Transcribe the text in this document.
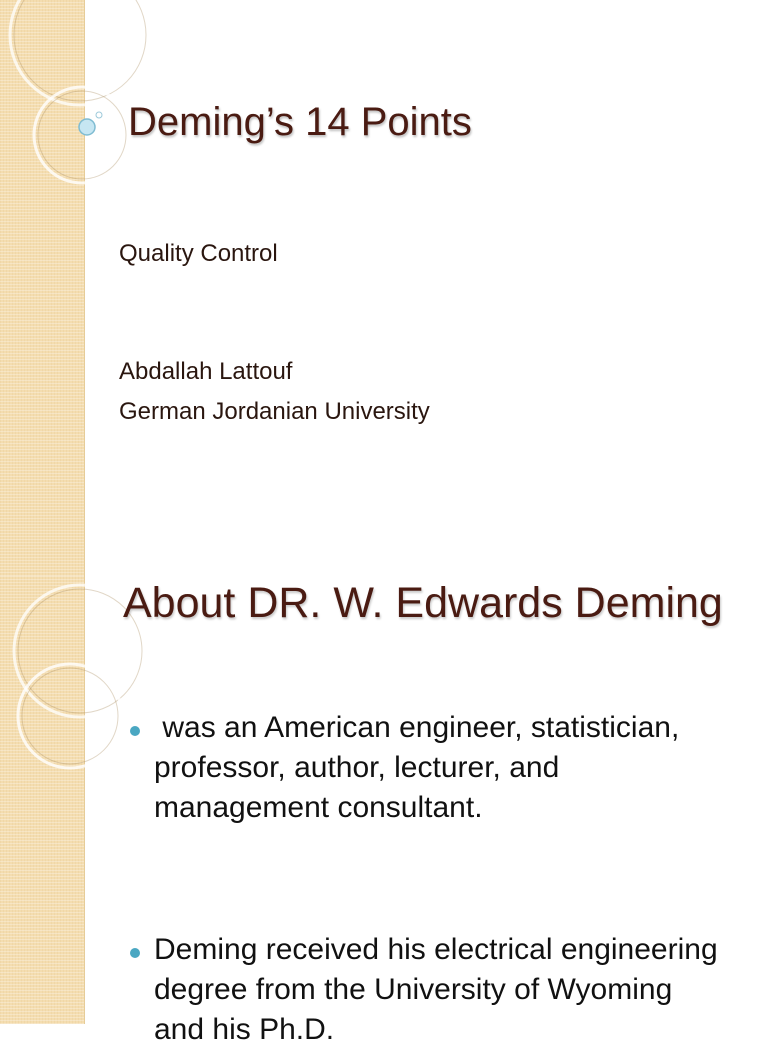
Deming’s 14 Points

Quality Control

Abdallah Lattouf

German Jordanian University

About DR. W. Edwards Deming
was an American engineer, statistician, professor, author, lecturer, and management consultant.
Deming received his electrical engineering degree from the University of Wyoming and his Ph.D.
